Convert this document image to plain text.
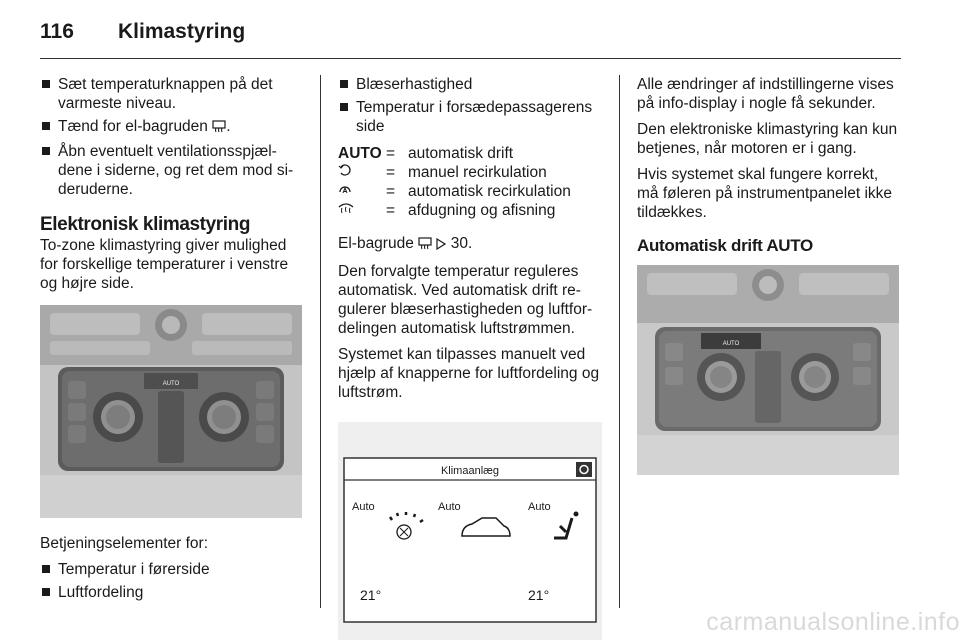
116 Klimastyring
Sæt temperaturknappen på det varmeste niveau.
Tænd for el-bagruden .
Åbn eventuelt ventilationsspjæl-dene i siderne, og ret dem mod si-deruderne.
Elektronisk klimastyring
To-zone klimastyring giver mulighed for forskellige temperaturer i venstre og højre side.
AUTO
Betjeningselementer for:
Temperatur i førerside
Luftfordeling
Blæserhastighed
Temperatur i forsædepassagerens side
AUTO = automatisk drift
= manuel recirkulation
= automatisk recirkulation
= afdugning og afisning
El-bagrude 30.
Den forvalgte temperatur reguleres automatisk. Ved automatisk drift re-gulerer blæserhastigheden og luftfor-delingen automatisk luftstrømmen.
Systemet kan tilpasses manuelt ved hjælp af knapperne for luftfordeling og luftstrøm.
Klimaanlæg
Auto	Auto	Auto
21°	21°
Alle ændringer af indstillingerne vises på info-display i nogle få sekunder.
Den elektroniske klimastyring kan kun betjenes, når motoren er i gang.
Hvis systemet skal fungere korrekt, må føleren på instrumentpanelet ikke tildækkes.
Automatisk drift AUTO
AUTO
carmanualsonline.info
